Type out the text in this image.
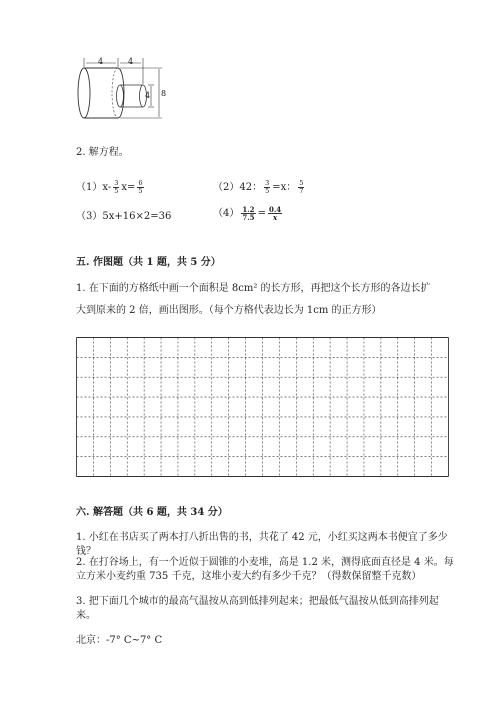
4	4
4 8
2. 解方程。
$(1)x- \frac{3}{5} x= \frac{6}{5}$	（2）42： $\frac{3}{5} =x$： $\frac{5}{7}$
（3）5x+16×2=36	$(4) \frac{1.2}{7.5} = \frac{0.4}{x}$
五. 作图题（共 1 题，共 5 分）
1. 在下面的方格纸中画一个面积是 8cm² 的长方形，再把这个长方形的各边长扩
大到原来的 2 倍，画出图形。（每个方格代表边长为 1cm 的正方形）
六. 解答题（共 6 题，共 34 分）
1. 小红在书店买了两本打八折出售的书，共花了 42 元，小红买这两本书便宜了多少钱？
2. 在打谷场上，有一个近似于圆锥的小麦堆，高是 1.2 米，测得底面直径是 4 米。每立方米小麦约重 735 千克，这堆小麦大约有多少千克？（得数保留整千克数）
3. 把下面几个城市的最高气温按从高到低排列起来；把最低气温按从低到高排列起来。
北京：-7° C~7° C
